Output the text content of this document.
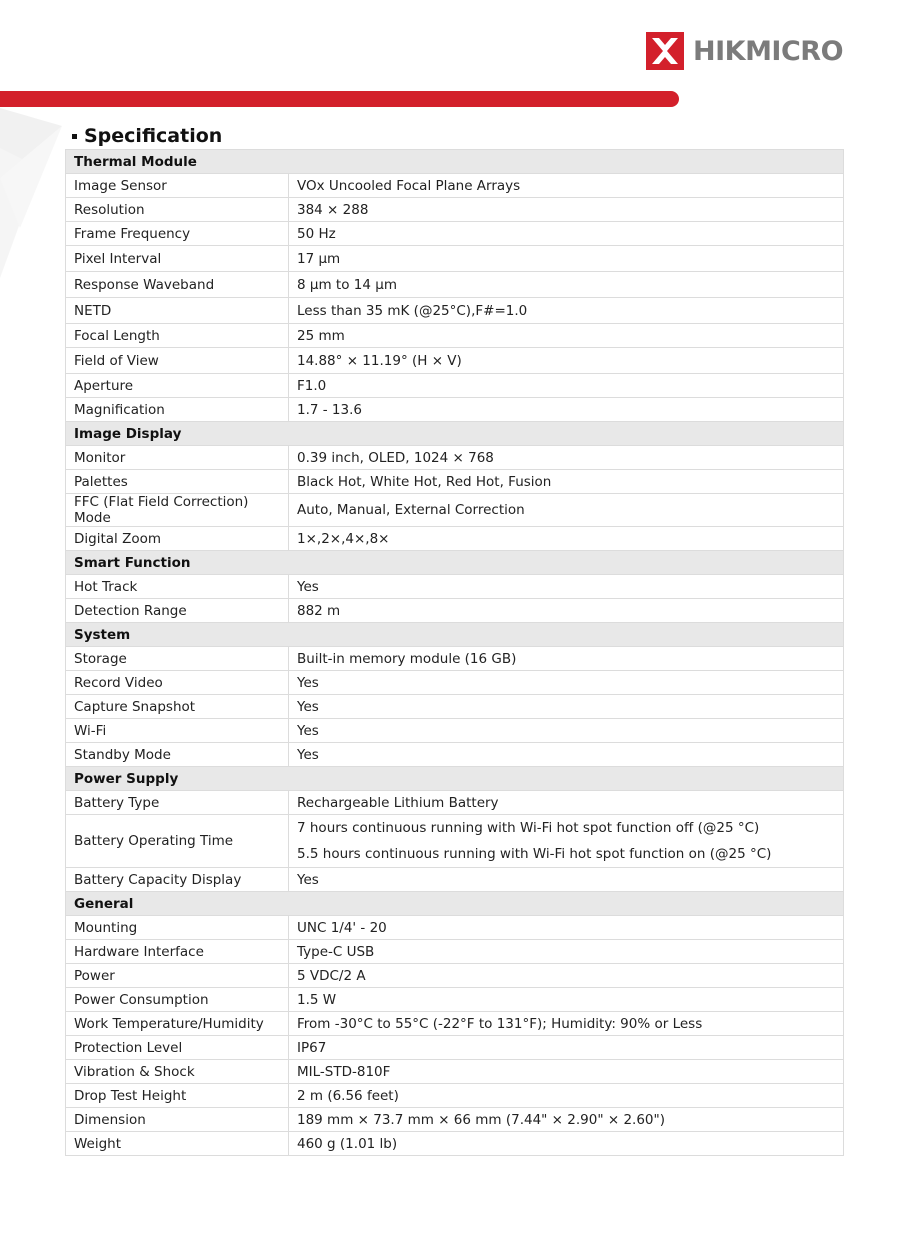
HIKMICRO
Specification
Thermal Module	
Image Sensor	VOx Uncooled Focal Plane Arrays
Resolution	384 × 288
Frame Frequency	50 Hz
Pixel Interval	17 µm
Response Waveband	8 µm to 14 µm
NETD	Less than 35 mK (@25°C),F#=1.0
Focal Length	25 mm
Field of View	14.88° × 11.19° (H × V)
Aperture	F1.0
Magnification	1.7 - 13.6
Image Display	
Monitor	0.39 inch, OLED, 1024 × 768
Palettes	Black Hot, White Hot, Red Hot, Fusion
FFC (Flat Field Correction) Mode	Auto, Manual, External Correction
Digital Zoom	1×,2×,4×,8×
Smart Function	
Hot Track	Yes
Detection Range	882 m
System	
Storage	Built-in memory module (16 GB)
Record Video	Yes
Capture Snapshot	Yes
Wi-Fi	Yes
Standby Mode	Yes
Power Supply	
Battery Type	Rechargeable Lithium Battery
Battery Operating Time	7 hours continuous running with Wi-Fi hot spot function off (@25 °C)
5.5 hours continuous running with Wi-Fi hot spot function on (@25 °C)

Battery Capacity Display	Yes
General	
Mounting	UNC 1/4' - 20
Hardware Interface	Type-C USB
Power	5 VDC/2 A
Power Consumption	1.5 W
Work Temperature/Humidity	From -30°C to 55°C (-22°F to 131°F); Humidity: 90% or Less
Protection Level	IP67
Vibration & Shock	MIL-STD-810F
Drop Test Height	2 m (6.56 feet)
Dimension	189 mm × 73.7 mm × 66 mm (7.44" × 2.90" × 2.60")
Weight	460 g (1.01 lb)
